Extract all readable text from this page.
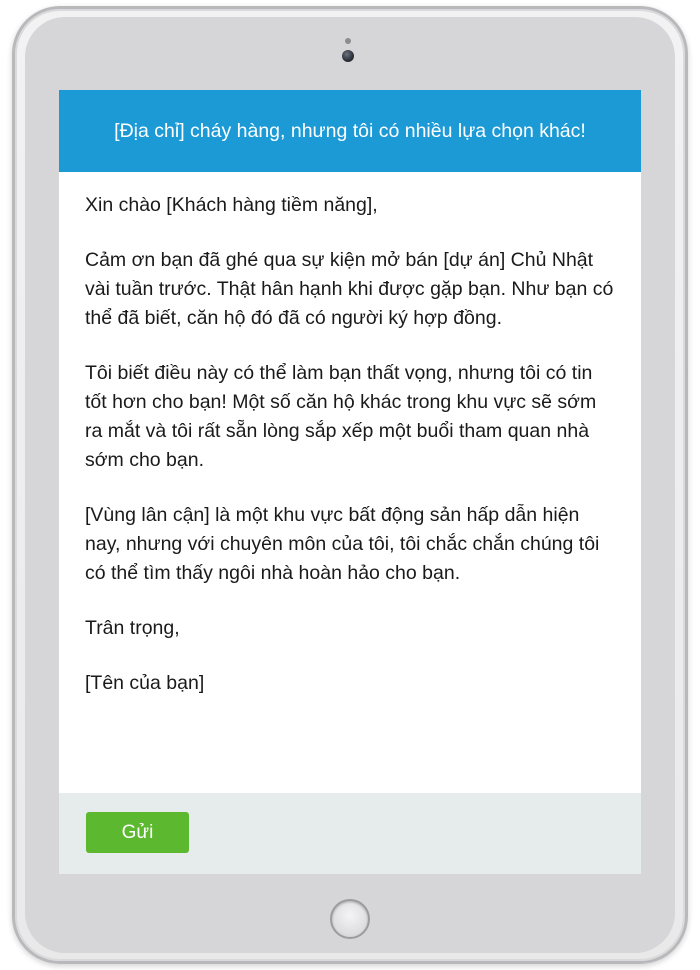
[Địa chỉ] cháy hàng, nhưng tôi có nhiều lựa chọn khác!

Xin chào [Khách hàng tiềm năng],

Cảm ơn bạn đã ghé qua sự kiện mở bán [dự án] Chủ Nhật vài tuần trước. Thật hân hạnh khi được gặp bạn. Như bạn có thể đã biết, căn hộ đó đã có người ký hợp đồng.

Tôi biết điều này có thể làm bạn thất vọng, nhưng tôi có tin tốt hơn cho bạn! Một số căn hộ khác trong khu vực sẽ sớm ra mắt và tôi rất sẵn lòng sắp xếp một buổi tham quan nhà sớm cho bạn.

[Vùng lân cận] là một khu vực bất động sản hấp dẫn hiện nay, nhưng với chuyên môn của tôi, tôi chắc chắn chúng tôi có thể tìm thấy ngôi nhà hoàn hảo cho bạn.

Trân trọng,

[Tên của bạn]

Gửi
